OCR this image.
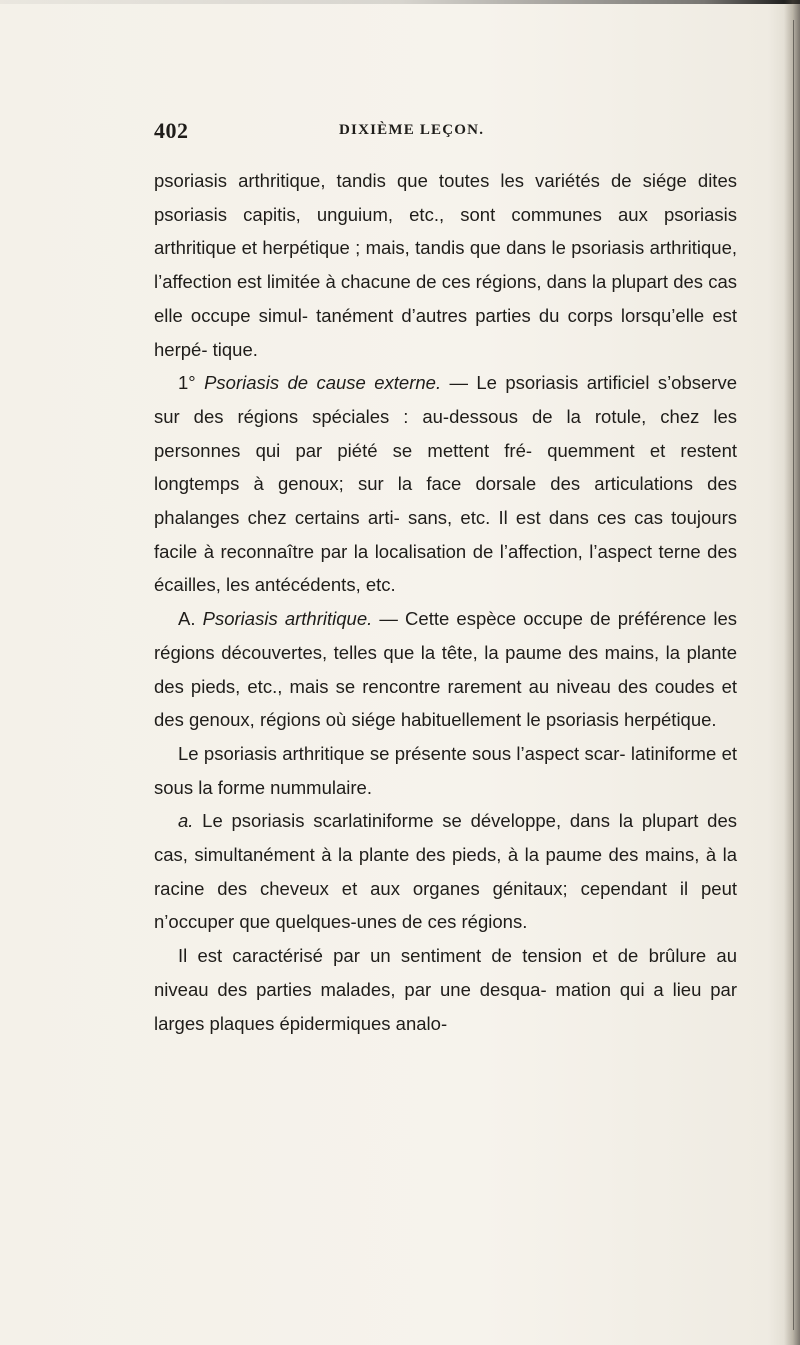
402	DIXIÈME LEÇON.

psoriasis arthritique, tandis que toutes les variétés de siége dites psoriasis capitis, unguium, etc., sont communes aux psoriasis arthritique et herpétique ; mais, tandis que dans le psoriasis arthritique, l’affection est limitée à chacune de ces régions, dans la plupart des cas elle occupe simul- tanément d’autres parties du corps lorsqu’elle est herpé- tique.

1° Psoriasis de cause externe. — Le psoriasis artificiel s’observe sur des régions spéciales : au-dessous de la rotule, chez les personnes qui par piété se mettent fré- quemment et restent longtemps à genoux; sur la face dorsale des articulations des phalanges chez certains arti- sans, etc. Il est dans ces cas toujours facile à reconnaître par la localisation de l’affection, l’aspect terne des écailles, les antécédents, etc.

A. Psoriasis arthritique. — Cette espèce occupe de préférence les régions découvertes, telles que la tête, la paume des mains, la plante des pieds, etc., mais se rencontre rarement au niveau des coudes et des genoux, régions où siége habituellement le psoriasis herpétique.

Le psoriasis arthritique se présente sous l’aspect scar- latiniforme et sous la forme nummulaire.

a. Le psoriasis scarlatiniforme se développe, dans la plupart des cas, simultanément à la plante des pieds, à la paume des mains, à la racine des cheveux et aux organes génitaux; cependant il peut n’occuper que quelques-unes de ces régions.

Il est caractérisé par un sentiment de tension et de brûlure au niveau des parties malades, par une desqua- mation qui a lieu par larges plaques épidermiques analo-
